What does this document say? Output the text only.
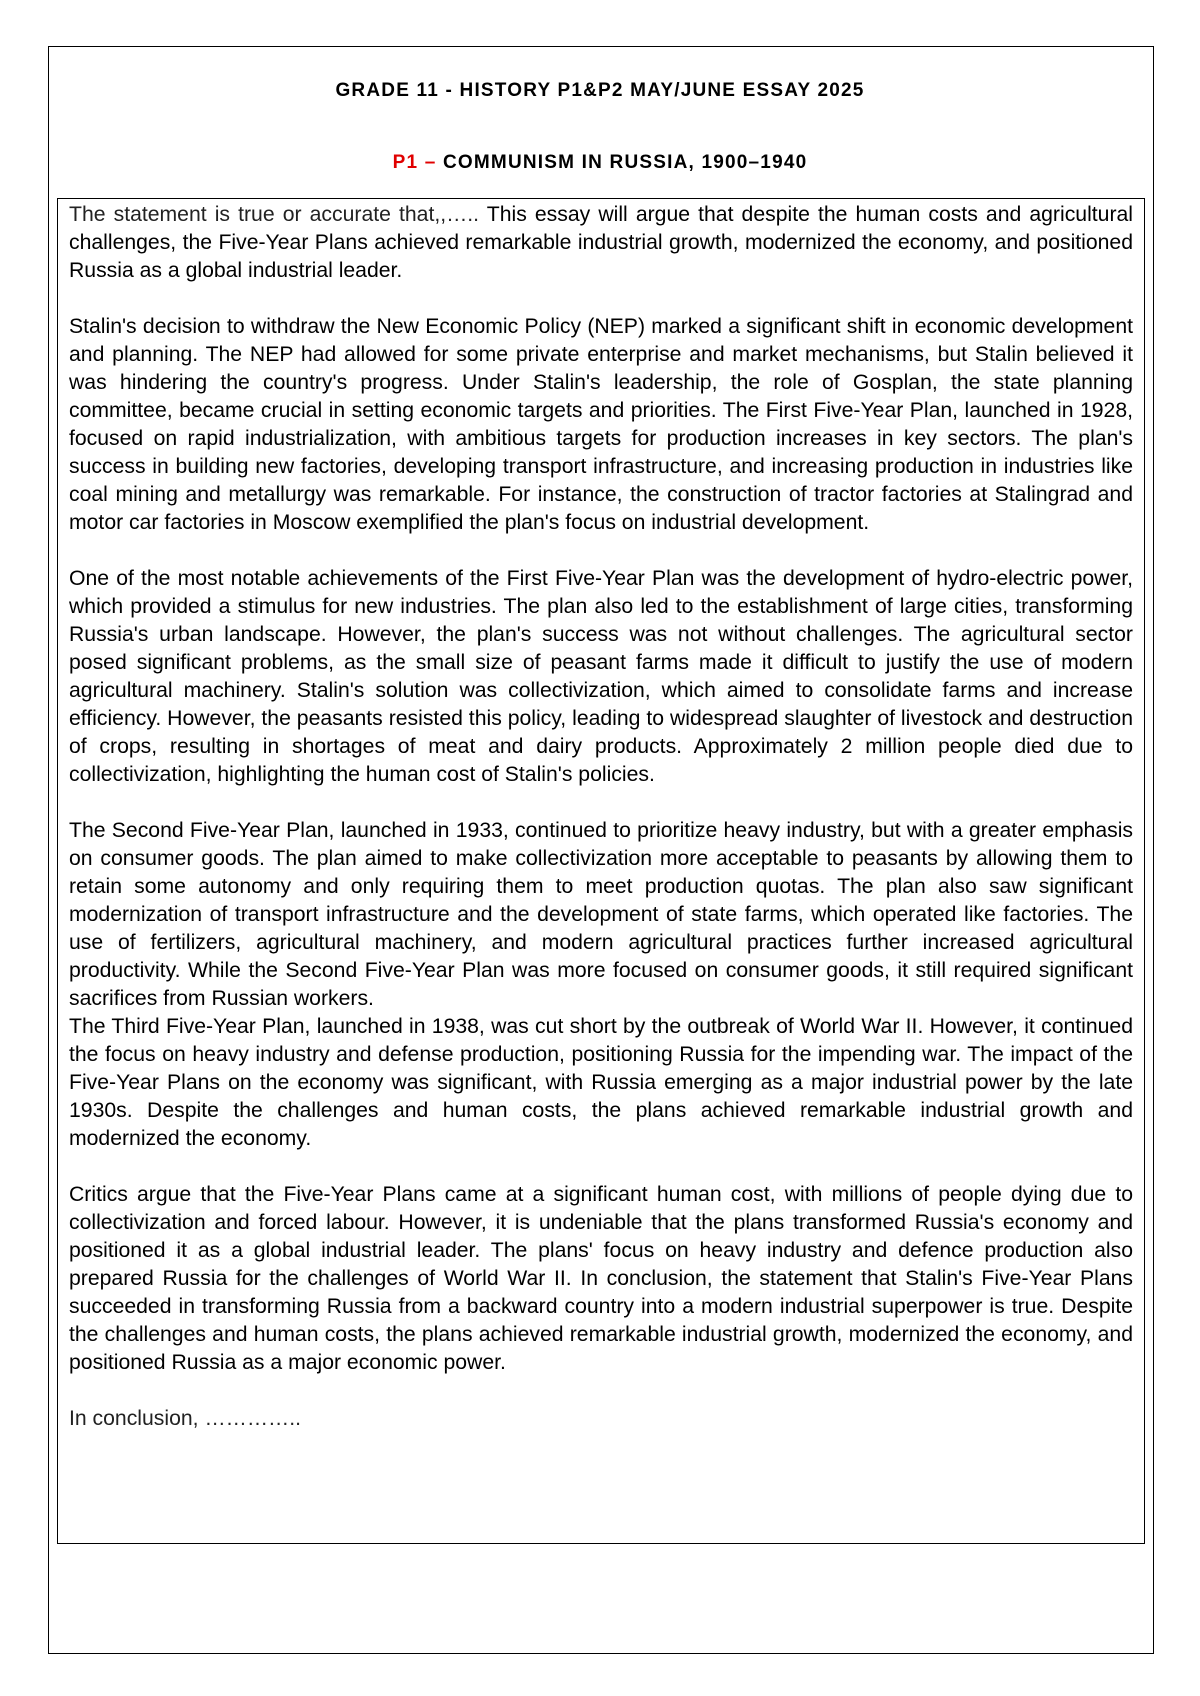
GRADE 11 - HISTORY P1&P2 MAY/JUNE ESSAY 2025
P1 – COMMUNISM IN RUSSIA, 1900–1940

The statement is true or accurate that,,….. This essay will argue that despite the human costs and agricultural challenges, the Five-Year Plans achieved remarkable industrial growth, modernized the economy, and positioned Russia as a global industrial leader.

Stalin's decision to withdraw the New Economic Policy (NEP) marked a significant shift in economic development and planning. The NEP had allowed for some private enterprise and market mechanisms, but Stalin believed it was hindering the country's progress. Under Stalin's leadership, the role of Gosplan, the state planning committee, became crucial in setting economic targets and priorities. The First Five-Year Plan, launched in 1928, focused on rapid industrialization, with ambitious targets for production increases in key sectors. The plan's success in building new factories, developing transport infrastructure, and increasing production in industries like coal mining and metallurgy was remarkable. For instance, the construction of tractor factories at Stalingrad and motor car factories in Moscow exemplified the plan's focus on industrial development.

One of the most notable achievements of the First Five-Year Plan was the development of hydro-electric power, which provided a stimulus for new industries. The plan also led to the establishment of large cities, transforming Russia's urban landscape. However, the plan's success was not without challenges. The agricultural sector posed significant problems, as the small size of peasant farms made it difficult to justify the use of modern agricultural machinery. Stalin's solution was collectivization, which aimed to consolidate farms and increase efficiency. However, the peasants resisted this policy, leading to widespread slaughter of livestock and destruction of crops, resulting in shortages of meat and dairy products. Approximately 2 million people died due to collectivization, highlighting the human cost of Stalin's policies.

The Second Five-Year Plan, launched in 1933, continued to prioritize heavy industry, but with a greater emphasis on consumer goods. The plan aimed to make collectivization more acceptable to peasants by allowing them to retain some autonomy and only requiring them to meet production quotas. The plan also saw significant modernization of transport infrastructure and the development of state farms, which operated like factories. The use of fertilizers, agricultural machinery, and modern agricultural practices further increased agricultural productivity. While the Second Five-Year Plan was more focused on consumer goods, it still required significant sacrifices from Russian workers.

The Third Five-Year Plan, launched in 1938, was cut short by the outbreak of World War II. However, it continued the focus on heavy industry and defense production, positioning Russia for the impending war. The impact of the Five-Year Plans on the economy was significant, with Russia emerging as a major industrial power by the late 1930s. Despite the challenges and human costs, the plans achieved remarkable industrial growth and modernized the economy.

Critics argue that the Five-Year Plans came at a significant human cost, with millions of people dying due to collectivization and forced labour. However, it is undeniable that the plans transformed Russia's economy and positioned it as a global industrial leader. The plans' focus on heavy industry and defence production also prepared Russia for the challenges of World War II. In conclusion, the statement that Stalin's Five-Year Plans succeeded in transforming Russia from a backward country into a modern industrial superpower is true. Despite the challenges and human costs, the plans achieved remarkable industrial growth, modernized the economy, and positioned Russia as a major economic power.

In conclusion, …………..
